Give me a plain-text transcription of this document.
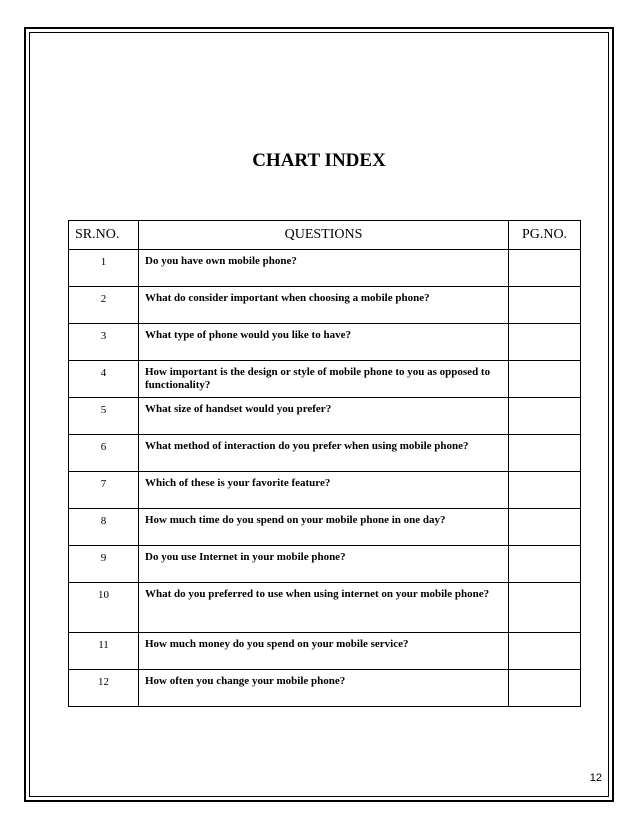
CHART INDEX
SR.NO.	QUESTIONS	PG.NO.
1	Do you have own mobile phone?	
2	What do consider important when choosing a mobile phone?	
3	What type of phone would you like to have?	
4	How important is the design or style of mobile phone to you as opposed to functionality?	
5	What size of handset would you prefer?	
6	What method of interaction do you prefer when using mobile phone?	
7	Which of these is your favorite feature?	
8	How much time do you spend on your mobile phone in one day?	
9	Do you use Internet in your mobile phone?	
10	What do you preferred to use when using internet on your mobile phone?	
11	How much money do you spend on your mobile service?	
12	How often you change your mobile phone?	
12
